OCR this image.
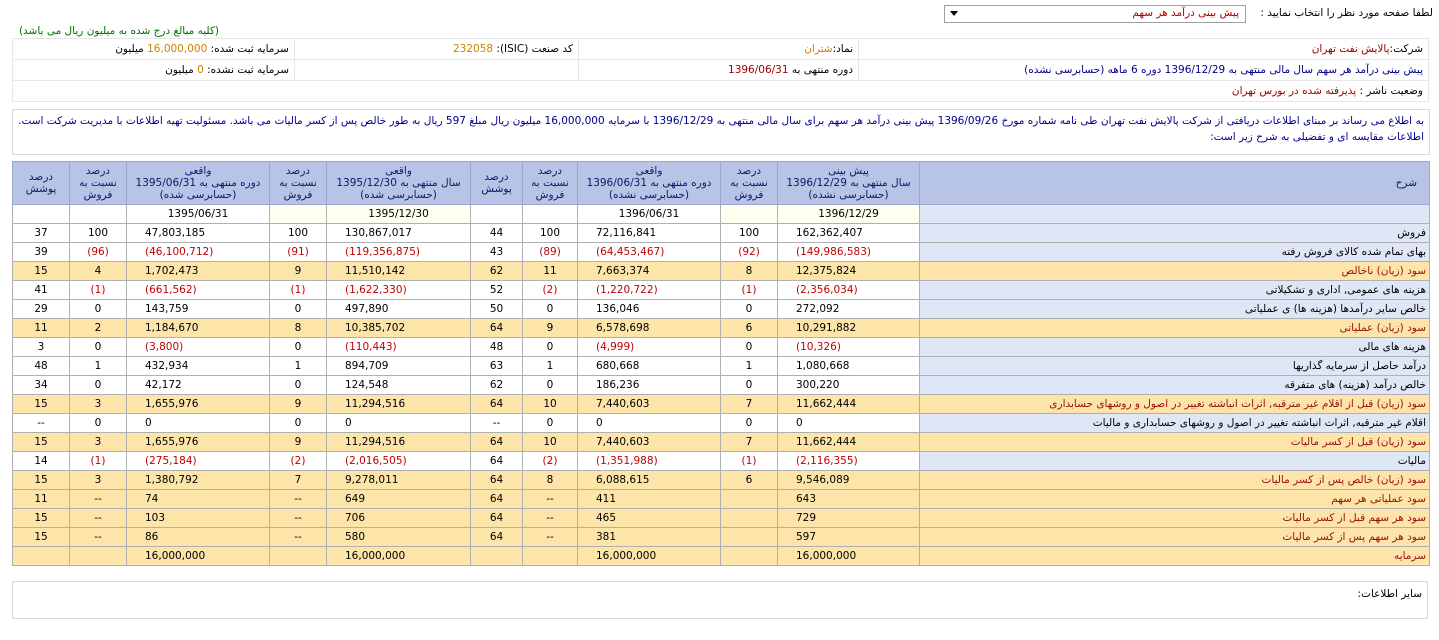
لطفا صفحه مورد نظر را انتخاب نمایید :
پیش بینی درآمد هر سهم
(کلیه مبالغ درج شده به میلیون ریال می باشد)
شرکت:پالایش نفت تهران	نماد:شتران	کد صنعت (ISIC): 232058	سرمایه ثبت شده: 16,000,000 میلیون
پیش بینی درآمد هر سهم سال مالی منتهی به 1396/12/29 دوره 6 ماهه (حسابرسی نشده)	دوره منتهی به 1396/06/31		سرمایه ثبت نشده: 0 میلیون
وضعیت ناشر : پذیرفته شده در بورس تهران			
به اطلاع می رساند بر مبنای اطلاعات دریافتی از شرکت پالایش نفت تهران طی نامه شماره مورخ 1396/09/26 پیش بینی درآمد هر سهم برای سال مالی منتهی به 1396/12/29 با سرمایه 16,000,000 میلیون ریال مبلغ 597 ریال به طور خالص پس از کسر مالیات می باشد. مسئولیت تهیه اطلاعات با مدیریت شرکت است. اطلاعات مقایسه ای و تفضیلی به شرح زیر است:
شرح	پیش بینی
سال منتهی به 1396/12/29
(حسابرسی نشده)	درصد
نسبت به
فروش	واقعی
دوره منتهی به 1396/06/31
(حسابرسی نشده)	درصد
نسبت به
فروش	درصد
پوشش	واقعی
سال منتهی به 1395/12/30
(حسابرسی شده)	درصد
نسبت به
فروش	واقعی
دوره منتهی به 1395/06/31
(حسابرسی شده)	درصد
نسبت به
فروش	درصد
پوشش
	1396/12/29		1396/06/31			1395/12/30		1395/06/31		
فروش	162,362,407	100	72,116,841	100	44	130,867,017	100	47,803,185	100	37
بهای تمام شده کالای فروش رفته	(149,986,583)	(92)	(64,453,467)	(89)	43	(119,356,875)	(91)	(46,100,712)	(96)	39
سود (زیان) ناخالص	12,375,824	8	7,663,374	11	62	11,510,142	9	1,702,473	4	15
هزینه های عمومی, اداری و تشکیلاتی	(2,356,034)	(1)	(1,220,722)	(2)	52	(1,622,330)	(1)	(661,562)	(1)	41
خالص سایر درآمدها (هزینه ها) ی عملیاتی	272,092	0	136,046	0	50	497,890	0	143,759	0	29
سود (زیان) عملیاتی	10,291,882	6	6,578,698	9	64	10,385,702	8	1,184,670	2	11
هزینه های مالی	(10,326)	0	(4,999)	0	48	(110,443)	0	(3,800)	0	3
درآمد حاصل از سرمایه گذاریها	1,080,668	1	680,668	1	63	894,709	1	432,934	1	48
خالص درآمد (هزینه) های متفرقه	300,220	0	186,236	0	62	124,548	0	42,172	0	34
سود (زیان) قبل از اقلام غیر مترقبه, اثرات انباشته تغییر در اصول و روشهای حسابداری	11,662,444	7	7,440,603	10	64	11,294,516	9	1,655,976	3	15
اقلام غیر مترقبه, اثرات انباشته تغییر در اصول و روشهای حسابداری و مالیات	0	0	0	0	--	0	0	0	0	--
سود (زیان) قبل از کسر مالیات	11,662,444	7	7,440,603	10	64	11,294,516	9	1,655,976	3	15
مالیات	(2,116,355)	(1)	(1,351,988)	(2)	64	(2,016,505)	(2)	(275,184)	(1)	14
سود (زیان) خالص پس از کسر مالیات	9,546,089	6	6,088,615	8	64	9,278,011	7	1,380,792	3	15
سود عملیاتی هر سهم	643		411	--	64	649	--	74	--	11
سود هر سهم قبل از کسر مالیات	729		465	--	64	706	--	103	--	15
سود هر سهم پس از کسر مالیات	597		381	--	64	580	--	86	--	15
سرمایه	16,000,000		16,000,000			16,000,000		16,000,000		
سایر اطلاعات:
